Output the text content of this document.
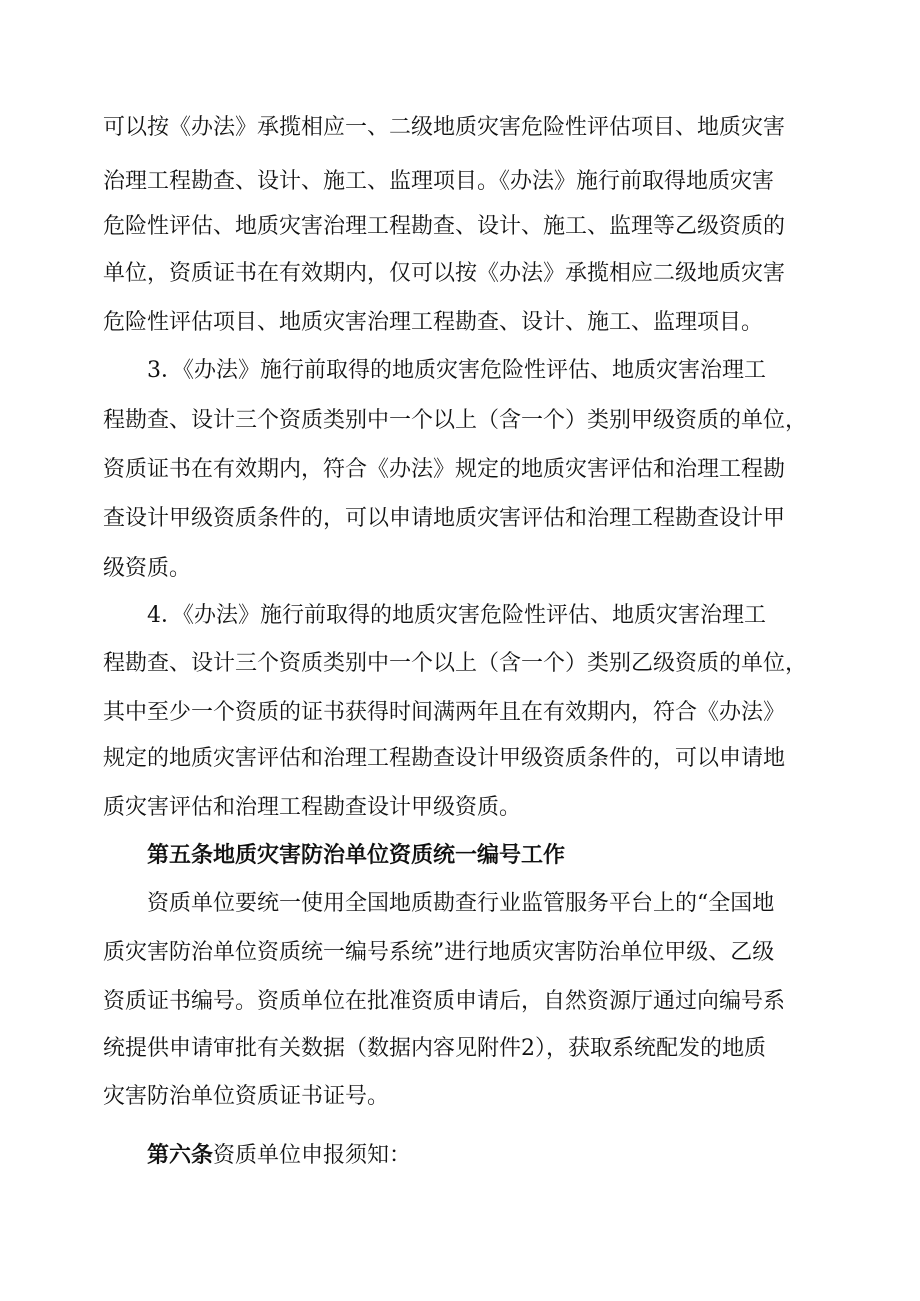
可以按《办法》承揽相应一、二级地质灾害危险性评估项目、地质灾害
治理工程勘查、设计、施工、监理项目。《办法》施行前取得地质灾害
危险性评估、地质灾害治理工程勘查、设计、施工、监理等乙级资质的
单位，资质证书在有效期内，仅可以按《办法》承揽相应二级地质灾害
危险性评估项目、地质灾害治理工程勘查、设计、施工、监理项目。
3．《办法》施行前取得的地质灾害危险性评估、地质灾害治理工
程勘查、设计三个资质类别中一个以上（含一个）类别甲级资质的单位，
资质证书在有效期内，符合《办法》规定的地质灾害评估和治理工程勘
查设计甲级资质条件的，可以申请地质灾害评估和治理工程勘查设计甲
级资质。
4．《办法》施行前取得的地质灾害危险性评估、地质灾害治理工
程勘查、设计三个资质类别中一个以上（含一个）类别乙级资质的单位，
其中至少一个资质的证书获得时间满两年且在有效期内，符合《办法》
规定的地质灾害评估和治理工程勘查设计甲级资质条件的，可以申请地
质灾害评估和治理工程勘查设计甲级资质。
第五条地质灾害防治单位资质统一编号工作
资质单位要统一使用全国地质勘查行业监管服务平台上的“全国地
质灾害防治单位资质统一编号系统”进行地质灾害防治单位甲级、乙级
资质证书编号。资质单位在批准资质申请后，自然资源厅通过向编号系
统提供申请审批有关数据（数据内容见附件2），获取系统配发的地质
灾害防治单位资质证书证号。
第六条资质单位申报须知：
